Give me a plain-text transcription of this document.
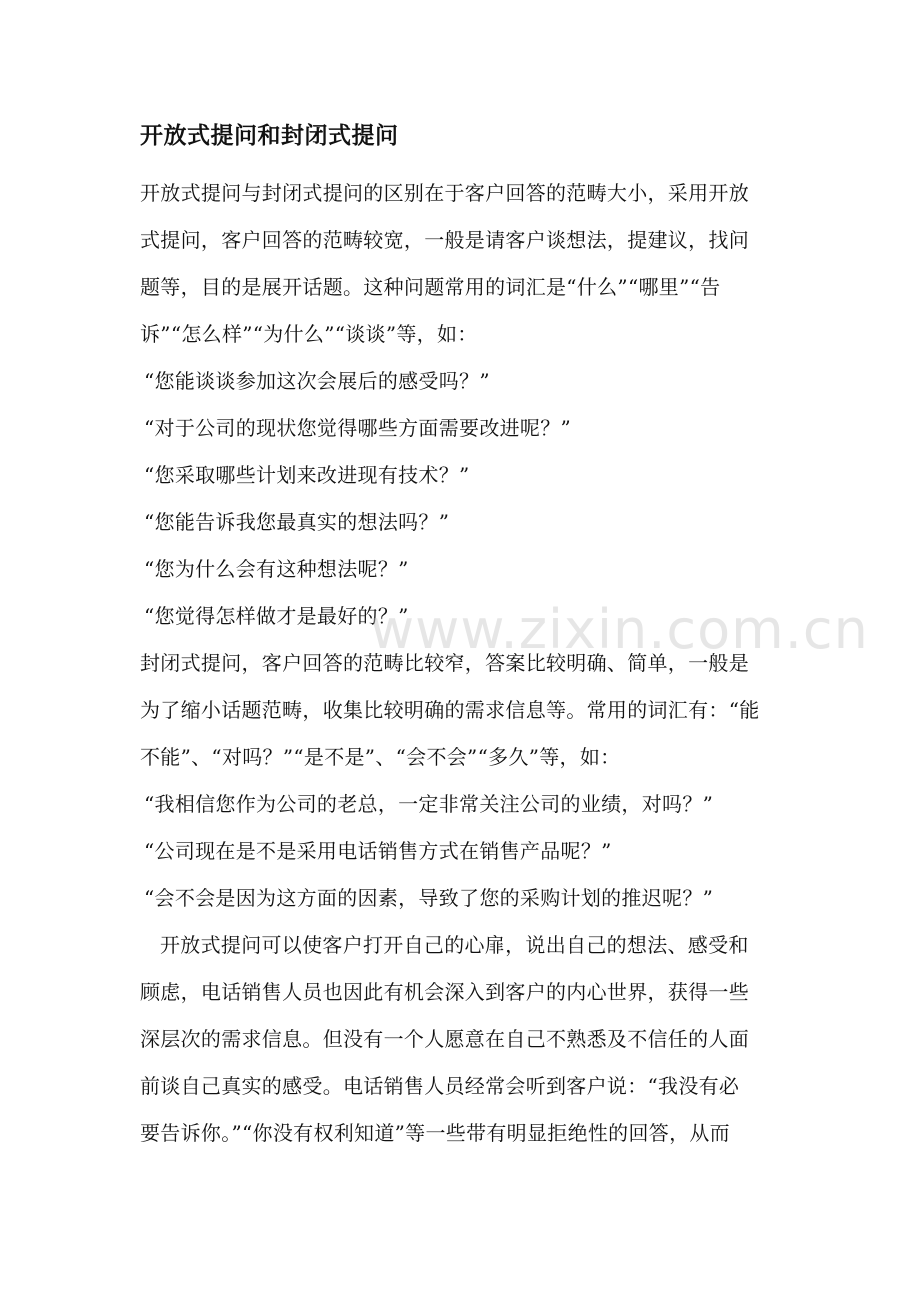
开放式提问和封闭式提问
开放式提问与封闭式提问的区别在于客户回答的范畴大小，采用开放
式提问，客户回答的范畴较宽，一般是请客户谈想法，提建议，找问
题等，目的是展开话题。这种问题常用的词汇是“什么”“哪里”“告
诉”“怎么样”“为什么”“谈谈”等，如：
“您能谈谈参加这次会展后的感受吗？”
“对于公司的现状您觉得哪些方面需要改进呢？”
“您采取哪些计划来改进现有技术？”
“您能告诉我您最真实的想法吗？”
“您为什么会有这种想法呢？”
“您觉得怎样做才是最好的？”
封闭式提问，客户回答的范畴比较窄，答案比较明确、简单，一般是
为了缩小话题范畴，收集比较明确的需求信息等。常用的词汇有：“能
不能”、“对吗？”“是不是”、“会不会”“多久”等，如：
“我相信您作为公司的老总，一定非常关注公司的业绩，对吗？”
“公司现在是不是采用电话销售方式在销售产品呢？”
“会不会是因为这方面的因素，导致了您的采购计划的推迟呢？”
开放式提问可以使客户打开自己的心扉，说出自己的想法、感受和
顾虑，电话销售人员也因此有机会深入到客户的内心世界，获得一些
深层次的需求信息。但没有一个人愿意在自己不熟悉及不信任的人面
前谈自己真实的感受。电话销售人员经常会听到客户说：“我没有必
要告诉你。”“你没有权利知道”等一些带有明显拒绝性的回答，从而
www.zixin.com.cn
